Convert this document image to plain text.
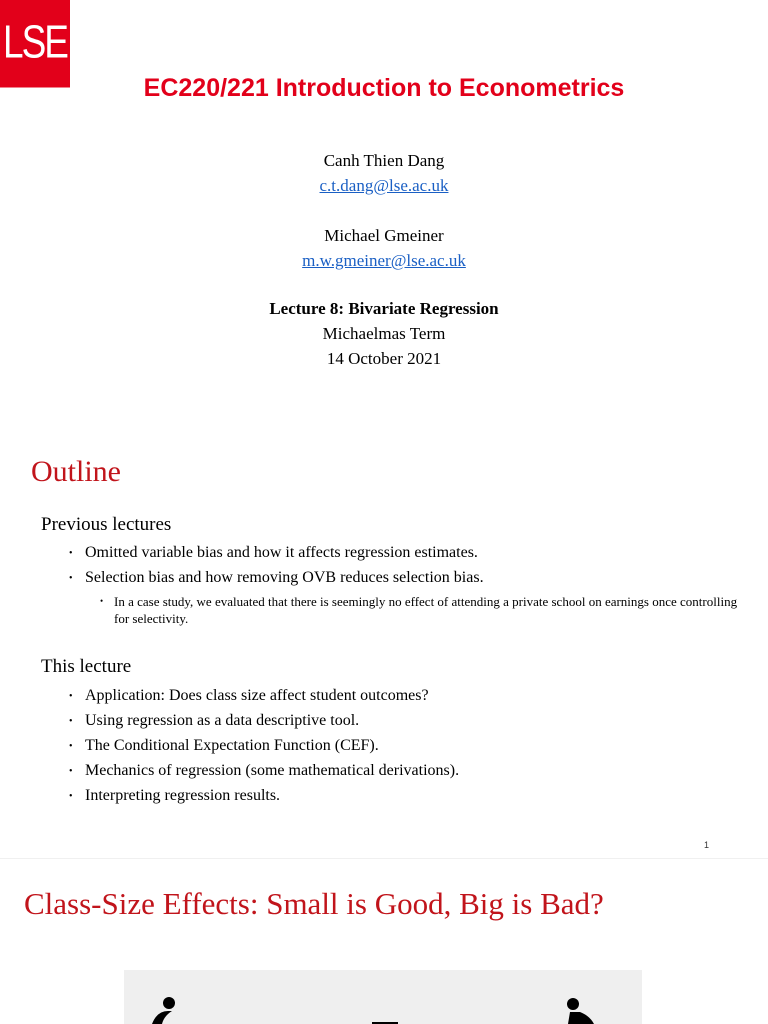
LSE
EC220/221 Introduction to Econometrics
Canh Thien Dang
c.t.dang@lse.ac.uk
Michael Gmeiner
m.w.gmeiner@lse.ac.uk
Lecture 8: Bivariate Regression
Michaelmas Term
14 October 2021
Outline
Previous lectures
• Omitted variable bias and how it affects regression estimates.
• Selection bias and how removing OVB reduces selection bias.
• In a case study, we evaluated that there is seemingly no effect of attending a private school on earnings once controlling for selectivity.
This lecture
• Application: Does class size affect student outcomes?
• Using regression as a data descriptive tool.
• The Conditional Expectation Function (CEF).
• Mechanics of regression (some mathematical derivations).
• Interpreting regression results.
1
Class-Size Effects: Small is Good, Big is Bad?
